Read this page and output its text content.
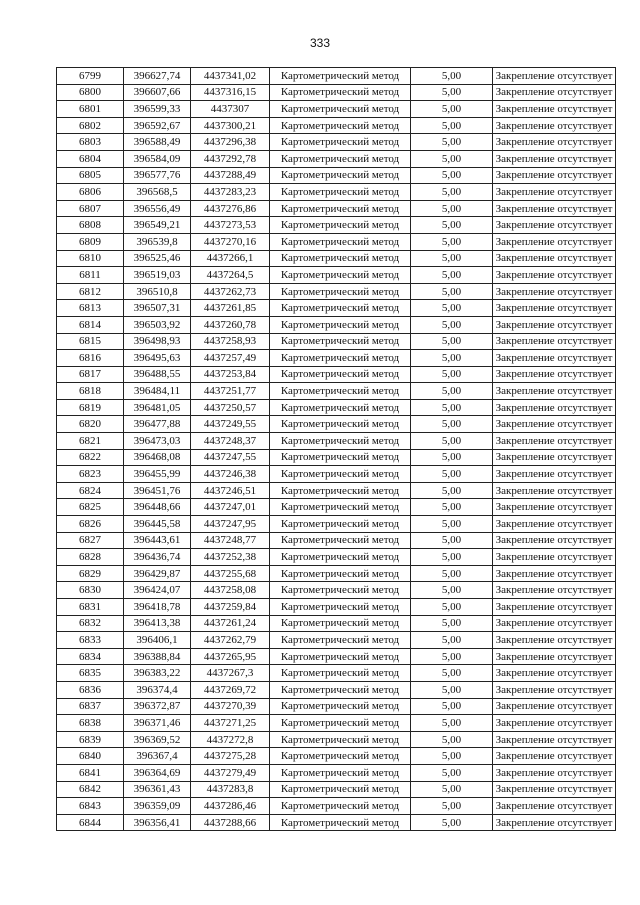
333
6799	396627,74	4437341,02	Картометрический метод	5,00	Закрепление отсутствует
6800	396607,66	4437316,15	Картометрический метод	5,00	Закрепление отсутствует
6801	396599,33	4437307	Картометрический метод	5,00	Закрепление отсутствует
6802	396592,67	4437300,21	Картометрический метод	5,00	Закрепление отсутствует
6803	396588,49	4437296,38	Картометрический метод	5,00	Закрепление отсутствует
6804	396584,09	4437292,78	Картометрический метод	5,00	Закрепление отсутствует
6805	396577,76	4437288,49	Картометрический метод	5,00	Закрепление отсутствует
6806	396568,5	4437283,23	Картометрический метод	5,00	Закрепление отсутствует
6807	396556,49	4437276,86	Картометрический метод	5,00	Закрепление отсутствует
6808	396549,21	4437273,53	Картометрический метод	5,00	Закрепление отсутствует
6809	396539,8	4437270,16	Картометрический метод	5,00	Закрепление отсутствует
6810	396525,46	4437266,1	Картометрический метод	5,00	Закрепление отсутствует
6811	396519,03	4437264,5	Картометрический метод	5,00	Закрепление отсутствует
6812	396510,8	4437262,73	Картометрический метод	5,00	Закрепление отсутствует
6813	396507,31	4437261,85	Картометрический метод	5,00	Закрепление отсутствует
6814	396503,92	4437260,78	Картометрический метод	5,00	Закрепление отсутствует
6815	396498,93	4437258,93	Картометрический метод	5,00	Закрепление отсутствует
6816	396495,63	4437257,49	Картометрический метод	5,00	Закрепление отсутствует
6817	396488,55	4437253,84	Картометрический метод	5,00	Закрепление отсутствует
6818	396484,11	4437251,77	Картометрический метод	5,00	Закрепление отсутствует
6819	396481,05	4437250,57	Картометрический метод	5,00	Закрепление отсутствует
6820	396477,88	4437249,55	Картометрический метод	5,00	Закрепление отсутствует
6821	396473,03	4437248,37	Картометрический метод	5,00	Закрепление отсутствует
6822	396468,08	4437247,55	Картометрический метод	5,00	Закрепление отсутствует
6823	396455,99	4437246,38	Картометрический метод	5,00	Закрепление отсутствует
6824	396451,76	4437246,51	Картометрический метод	5,00	Закрепление отсутствует
6825	396448,66	4437247,01	Картометрический метод	5,00	Закрепление отсутствует
6826	396445,58	4437247,95	Картометрический метод	5,00	Закрепление отсутствует
6827	396443,61	4437248,77	Картометрический метод	5,00	Закрепление отсутствует
6828	396436,74	4437252,38	Картометрический метод	5,00	Закрепление отсутствует
6829	396429,87	4437255,68	Картометрический метод	5,00	Закрепление отсутствует
6830	396424,07	4437258,08	Картометрический метод	5,00	Закрепление отсутствует
6831	396418,78	4437259,84	Картометрический метод	5,00	Закрепление отсутствует
6832	396413,38	4437261,24	Картометрический метод	5,00	Закрепление отсутствует
6833	396406,1	4437262,79	Картометрический метод	5,00	Закрепление отсутствует
6834	396388,84	4437265,95	Картометрический метод	5,00	Закрепление отсутствует
6835	396383,22	4437267,3	Картометрический метод	5,00	Закрепление отсутствует
6836	396374,4	4437269,72	Картометрический метод	5,00	Закрепление отсутствует
6837	396372,87	4437270,39	Картометрический метод	5,00	Закрепление отсутствует
6838	396371,46	4437271,25	Картометрический метод	5,00	Закрепление отсутствует
6839	396369,52	4437272,8	Картометрический метод	5,00	Закрепление отсутствует
6840	396367,4	4437275,28	Картометрический метод	5,00	Закрепление отсутствует
6841	396364,69	4437279,49	Картометрический метод	5,00	Закрепление отсутствует
6842	396361,43	4437283,8	Картометрический метод	5,00	Закрепление отсутствует
6843	396359,09	4437286,46	Картометрический метод	5,00	Закрепление отсутствует
6844	396356,41	4437288,66	Картометрический метод	5,00	Закрепление отсутствует
